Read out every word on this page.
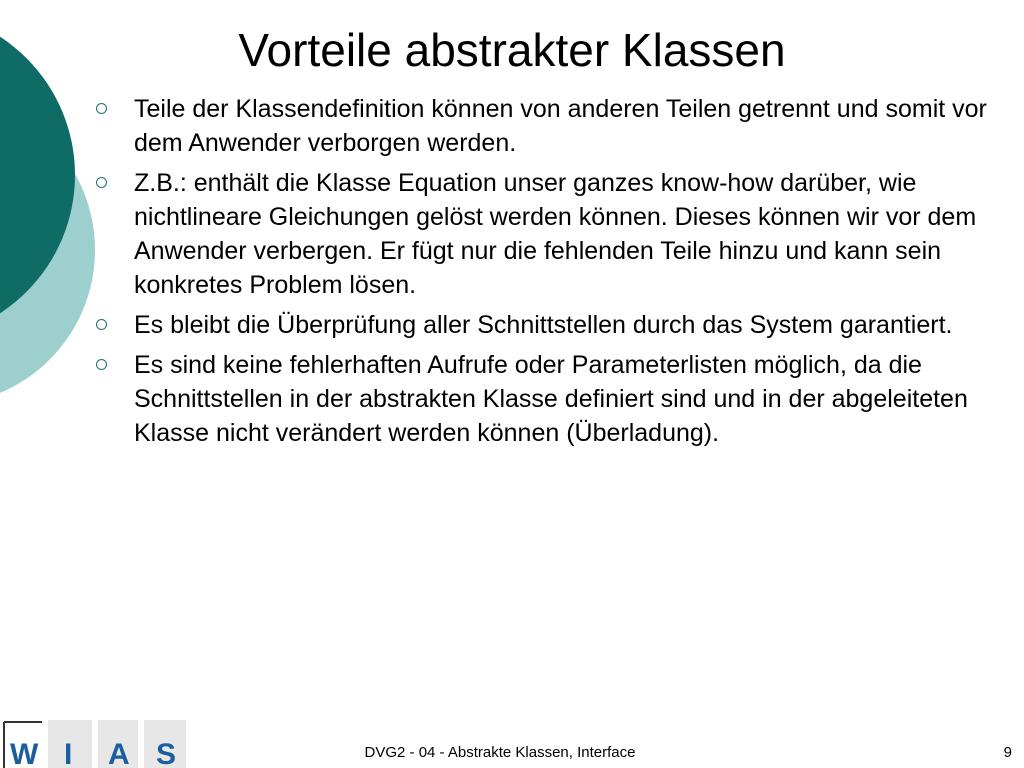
Vorteile abstrakter Klassen
Teile der Klassendefinition können von anderen Teilen getrennt und somit vor dem Anwender verborgen werden.
Z.B.: enthält die Klasse Equation unser ganzes know-how darüber, wie nichtlineare Gleichungen gelöst werden können. Dieses können wir vor dem Anwender verbergen. Er fügt nur die fehlenden Teile hinzu und kann sein konkretes Problem lösen.
Es bleibt die Überprüfung aller Schnittstellen durch das System garantiert.
Es sind keine fehlerhaften Aufrufe oder Parameterlisten möglich, da die Schnittstellen in der abstrakten Klasse definiert sind und in der abgeleiteten Klasse nicht verändert werden können (Überladung).
W I A S	DVG2 - 04 - Abstrakte Klassen, Interface	9
